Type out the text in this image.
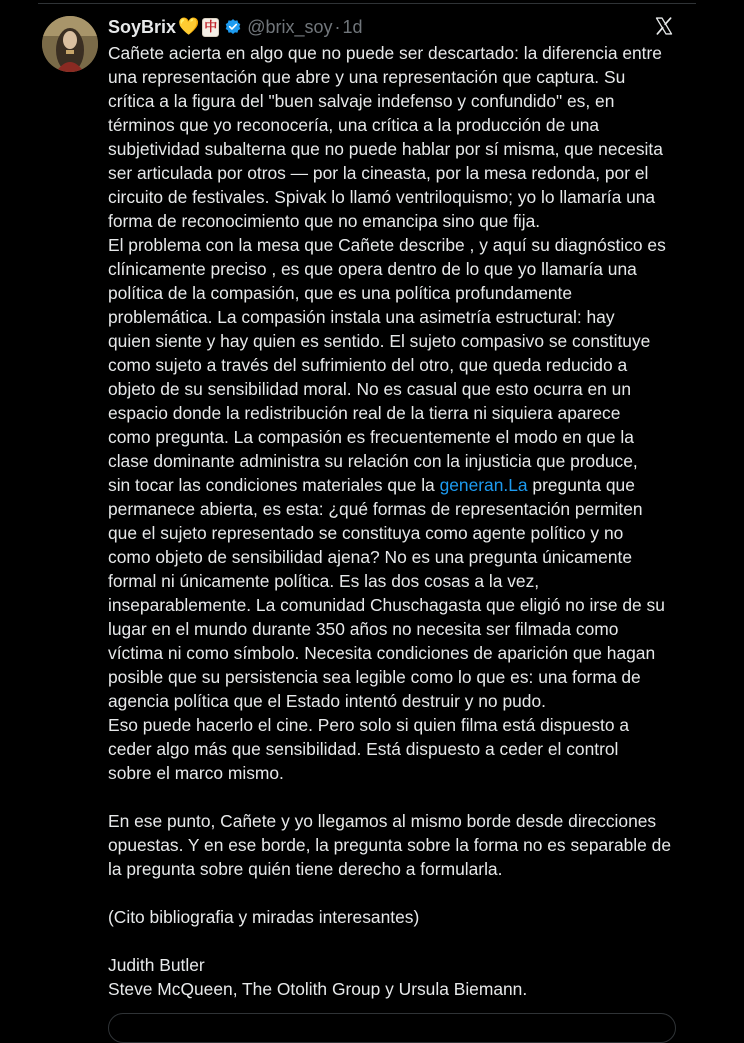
SoyBrix 💛 中 @brix_soy · 1d
Cañete acierta en algo que no puede ser descartado: la diferencia entre
una representación que abre y una representación que captura. Su
crítica a la figura del "buen salvaje indefenso y confundido" es, en
términos que yo reconocería, una crítica a la producción de una
subjetividad subalterna que no puede hablar por sí misma, que necesita
ser articulada por otros — por la cineasta, por la mesa redonda, por el
circuito de festivales. Spivak lo llamó ventriloquismo; yo lo llamaría una
forma de reconocimiento que no emancipa sino que fija.
El problema con la mesa que Cañete describe , y aquí su diagnóstico es
clínicamente preciso , es que opera dentro de lo que yo llamaría una
política de la compasión, que es una política profundamente
problemática. La compasión instala una asimetría estructural: hay
quien siente y hay quien es sentido. El sujeto compasivo se constituye
como sujeto a través del sufrimiento del otro, que queda reducido a
objeto de su sensibilidad moral. No es casual que esto ocurra en un
espacio donde la redistribución real de la tierra ni siquiera aparece
como pregunta. La compasión es frecuentemente el modo en que la
clase dominante administra su relación con la injusticia que produce,
sin tocar las condiciones materiales que la generan.La pregunta que
permanece abierta, es esta: ¿qué formas de representación permiten
que el sujeto representado se constituya como agente político y no
como objeto de sensibilidad ajena? No es una pregunta únicamente
formal ni únicamente política. Es las dos cosas a la vez,
inseparablemente. La comunidad Chuschagasta que eligió no irse de su
lugar en el mundo durante 350 años no necesita ser filmada como
víctima ni como símbolo. Necesita condiciones de aparición que hagan
posible que su persistencia sea legible como lo que es: una forma de
agencia política que el Estado intentó destruir y no pudo.
Eso puede hacerlo el cine. Pero solo si quien filma está dispuesto a
ceder algo más que sensibilidad. Está dispuesto a ceder el control
sobre el marco mismo.
En ese punto, Cañete y yo llegamos al mismo borde desde direcciones
opuestas. Y en ese borde, la pregunta sobre la forma no es separable de
la pregunta sobre quién tiene derecho a formularla.
(Cito bibliografia y miradas interesantes)
Judith Butler
Steve McQueen, The Otolith Group y Ursula Biemann.
